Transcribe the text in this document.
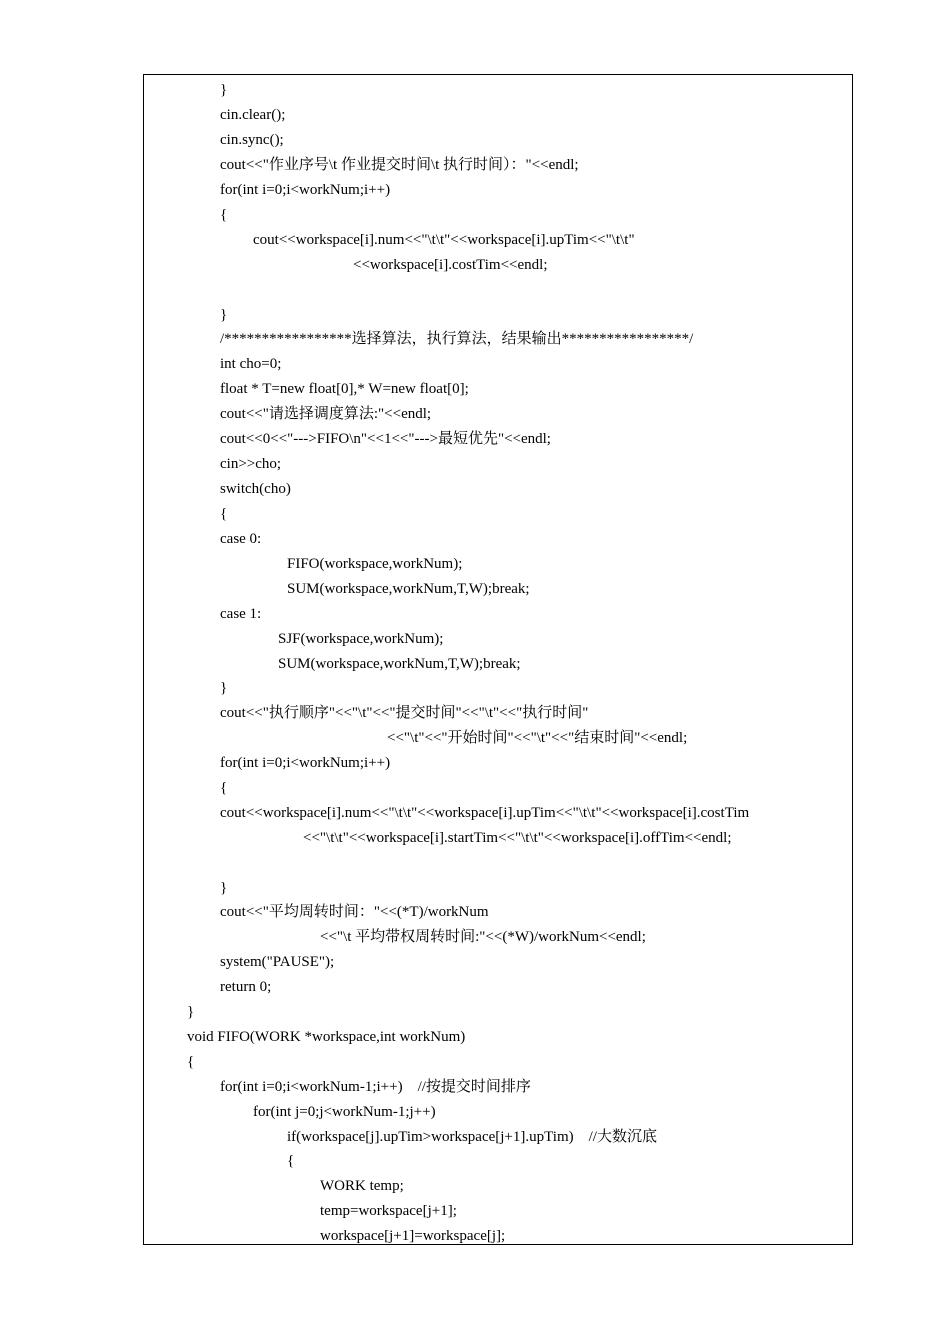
}
cin.clear();
cin.sync();
cout<<"作业序号\t 作业提交时间\t 执行时间）："<<endl;
for(int i=0;i<workNum;i++)
{
cout<<workspace[i].num<<"\t\t"<<workspace[i].upTim<<"\t\t"
<<workspace[i].costTim<<endl;
}
/*****************选择算法，执行算法，结果输出*****************/
int cho=0;
float * T=new float[0],* W=new float[0];
cout<<"请选择调度算法:"<<endl;
cout<<0<<"--->FIFO\n"<<1<<"--->最短优先"<<endl;
cin>>cho;
switch(cho)
{
case 0:
FIFO(workspace,workNum);
SUM(workspace,workNum,T,W);break;
case 1:
SJF(workspace,workNum);
SUM(workspace,workNum,T,W);break;
}
cout<<"执行顺序"<<"\t"<<"提交时间"<<"\t"<<"执行时间"
<<"\t"<<"开始时间"<<"\t"<<"结束时间"<<endl;
for(int i=0;i<workNum;i++)
{
cout<<workspace[i].num<<"\t\t"<<workspace[i].upTim<<"\t\t"<<workspace[i].costTim
<<"\t\t"<<workspace[i].startTim<<"\t\t"<<workspace[i].offTim<<endl;
}
cout<<"平均周转时间："<<(*T)/workNum
<<"\t 平均带权周转时间:"<<(*W)/workNum<<endl;
system("PAUSE");
return 0;
}
void FIFO(WORK *workspace,int workNum)
{
for(int i=0;i<workNum-1;i++)    //按提交时间排序
for(int j=0;j<workNum-1;j++)
if(workspace[j].upTim>workspace[j+1].upTim)    //大数沉底
{
WORK temp;
temp=workspace[j+1];
workspace[j+1]=workspace[j];
